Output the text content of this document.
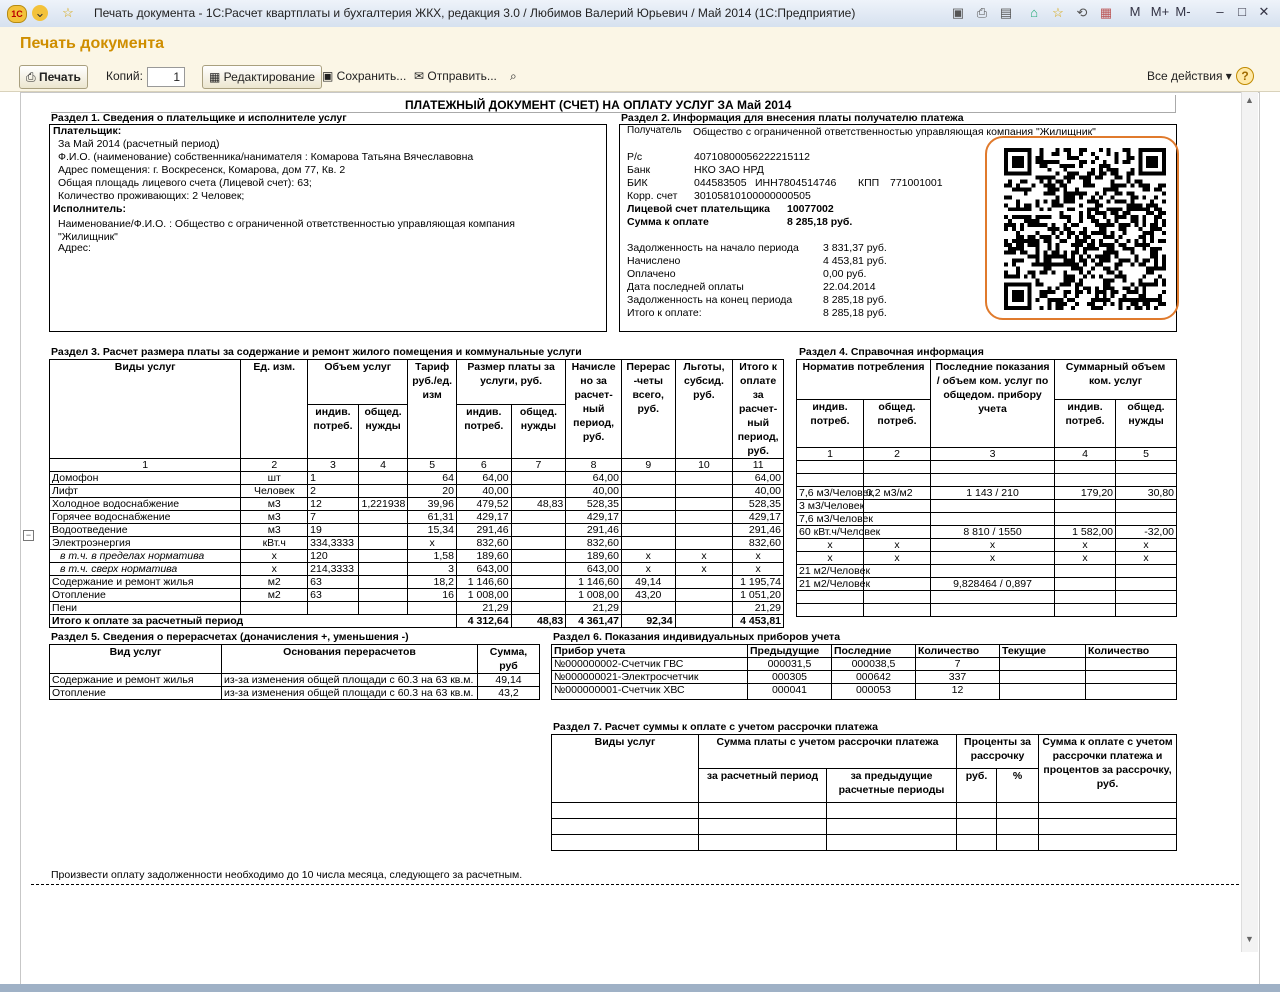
1С ⌄ ☆ Печать документа - 1С:Расчет квартплаты и бухгалтерия ЖКХ, редакция 3.0 / Любимов Валерий Юрьевич / Май 2014 (1С:Предприятие)	▣ ⎙ ▤	⌂	☆ ⟲ ▦	M M+ M-	–	□ ✕
Печать документа
⎙ Печать	Копий:	1	▦ Редактирование ▣ Сохранить... ✉ Отправить... ⌕	Все действия ▾ ?
ПЛАТЕЖНЫЙ ДОКУМЕНТ (СЧЕТ) НА ОПЛАТУ УСЛУГ ЗА Май 2014
Раздел 1. Сведения о плательщике и исполнителе услуг
Плательщик:
За Май 2014 (расчетный период)
Ф.И.О. (наименование) собственника/нанимателя : Комарова Татьяна Вячеславовна
Адрес помещения: г. Воскресенск, Комарова, дом 77, Кв. 2
Общая площадь лицевого счета (Лицевой счет): 63;
Количество проживающих: 2 Человек;
Исполнитель:
Наименование/Ф.И.О. : Общество с ограниченной ответственностью управляющая компания
"Жилищник"
Адрес:
Раздел 2. Информация для внесения платы получателю платежа
Получатель Общество с ограниченной ответственностью управляющая компания "Жилищник"
Р/с	40710800056222215112
Банк	НКО ЗАО НРД
БИК	044583505 ИНН 7804514746 КПП 771001001
Корр. счет 30105810100000000505
Лицевой счет плательщика 10077002
Сумма к оплате	8 285,18 руб.
Задолженность на начало периода 3 831,37 руб.
Начислено	4 453,81 руб.
Оплачено	0,00 руб.
Дата последней оплаты	22.04.2014
Задолженность на конец периода	8 285,18 руб.
Итого к оплате:	8 285,18 руб.
Раздел 3. Расчет размера платы за содержание и ремонт жилого помещения и коммунальные услуги
−
Виды услуг	Ед. изм.	Объем услуг		Тариф руб./ед. изм	Размер платы за услуги, руб.		Начисле но за расчет- ный период, руб.	Перерас -четы всего, руб.	Льготы, субсид. руб.	Итого к оплате за расчет- ный период, руб.
		индив. потреб.	общед. нужды		индив. потреб.	общед. нужды				
1	2	3	4	5	6	7	8	9	10	11
Домофон	шт	1		64	64,00		64,00			64,00
Лифт	Человек	2		20	40,00		40,00			40,00
Холодное водоснабжение	м3	12	1,221938	39,96	479,52	48,83	528,35			528,35
Горячее водоснабжение	м3	7		61,31	429,17		429,17			429,17
Водоотведение	м3	19		15,34	291,46		291,46			291,46
Электроэнергия	кВт.ч	334,3333		х	832,60		832,60			832,60
в т.ч. в пределах норматива	х	120		1,58	189,60		189,60	х	х	х
в т.ч. сверх норматива	х	214,3333		3	643,00		643,00	х	х	х
Содержание и ремонт жилья	м2	63		18,2	1 146,60		1 146,60	49,14		1 195,74
Отопление	м2	63		16	1 008,00		1 008,00	43,20		1 051,20
Пени					21,29		21,29			21,29
Итого к оплате за расчетный период					4 312,64	48,83	4 361,47	92,34		4 453,81
Раздел 4. Справочная информация
Норматив потребления		Последние показания / объем ком. услуг по общедом. прибору учета	Суммарный объем ком. услуг	
индив. потреб.	общед. потреб.		индив. потреб.	общед. нужды
1	2	3	4	5

7,6 м3/Человек	0,2 м3/м2	1 143 / 210	179,20	30,80
3 м3/Человек				
7,6 м3/Человек				
60 кВт.ч/Человек		8 810 / 1550	1 582,00	-32,00
х	х	х	х	х
х	х	х	х	х
21 м2/Человек				
21 м2/Человек		9,828464 / 0,897		

Раздел 5. Сведения о перерасчетах (доначисления +, уменьшения -)
Вид услуг	Основания перерасчетов	Сумма, руб
Содержание и ремонт жилья	из-за изменения общей площади с 60.3 на 63 кв.м.	49,14
Отопление	из-за изменения общей площади с 60.3 на 63 кв.м.	43,2
Раздел 6. Показания индивидуальных приборов учета
Прибор учета	Предыдущие	Последние	Количество	Текущие	Количество
№000000002-Счетчик ГВС	000031,5	000038,5	7		
№000000021-Электросчетчик	000305	000642	337		
№000000001-Счетчик ХВС	000041	000053	12		
Раздел 7. Расчет суммы к оплате с учетом рассрочки платежа
Виды услуг	Сумма платы с учетом рассрочки платежа		Проценты за рассрочку		Сумма к оплате с учетом рассрочки платежа и процентов за рассрочку, руб.
	за расчетный период	за предыдущие расчетные периоды	руб.	%	

Произвести оплату задолженности необходимо до 10 числа месяца, следующего за расчетным.
▲
▼
